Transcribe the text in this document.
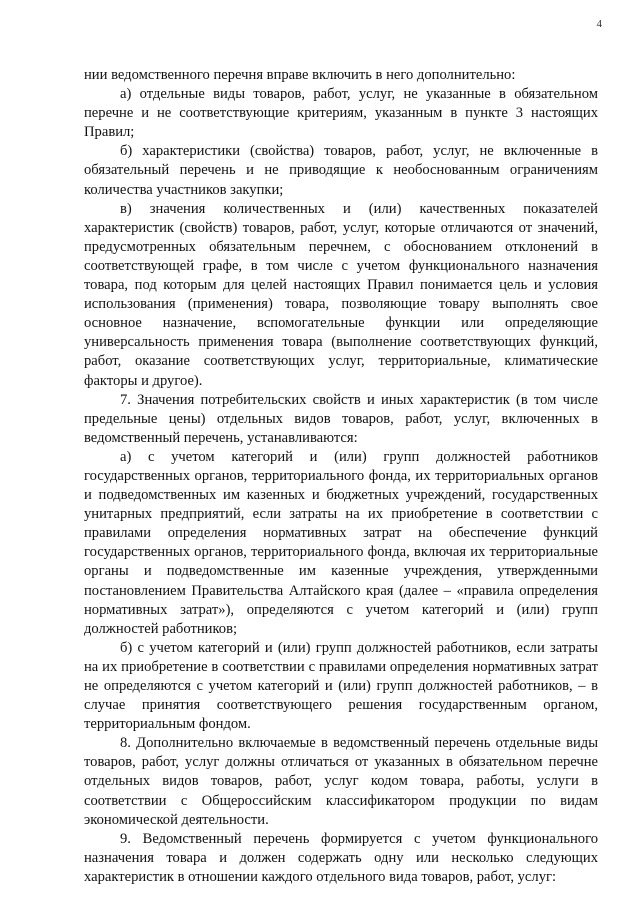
4

нии ведомственного перечня вправе включить в него дополнительно:

а) отдельные виды товаров, работ, услуг, не указанные в обязательном перечне и не соответствующие критериям, указанным в пункте 3 настоящих Правил;

б) характеристики (свойства) товаров, работ, услуг, не включенные в обязательный перечень и не приводящие к необоснованным ограничениям количества участников закупки;

в) значения количественных и (или) качественных показателей характеристик (свойств) товаров, работ, услуг, которые отличаются от значений, предусмотренных обязательным перечнем, с обоснованием отклонений в соответствующей графе, в том числе с учетом функционального назначения товара, под которым для целей настоящих Правил понимается цель и условия использования (применения) товара, позволяющие товару выполнять свое основное назначение, вспомогательные функции или определяющие универсальность применения товара (выполнение соответствующих функций, работ, оказание соответствующих услуг, территориальные, климатические факторы и другое).

7. Значения потребительских свойств и иных характеристик (в том числе предельные цены) отдельных видов товаров, работ, услуг, включенных в ведомственный перечень, устанавливаются:

а) с учетом категорий и (или) групп должностей работников государственных органов, территориального фонда, их территориальных органов и подведомственных им казенных и бюджетных учреждений, государственных унитарных предприятий, если затраты на их приобретение в соответствии с правилами определения нормативных затрат на обеспечение функций государственных органов, территориального фонда, включая их территориальные органы и подведомственные им казенные учреждения, утвержденными постановлением Правительства Алтайского края (далее – «правила определения нормативных затрат»), определяются с учетом категорий и (или) групп должностей работников;

б) с учетом категорий и (или) групп должностей работников, если затраты на их приобретение в соответствии с правилами определения нормативных затрат не определяются с учетом категорий и (или) групп должностей работников, – в случае принятия соответствующего решения государственным органом, территориальным фондом.

8. Дополнительно включаемые в ведомственный перечень отдельные виды товаров, работ, услуг должны отличаться от указанных в обязательном перечне отдельных видов товаров, работ, услуг кодом товара, работы, услуги в соответствии с Общероссийским классификатором продукции по видам экономической деятельности.

9. Ведомственный перечень формируется с учетом функционального назначения товара и должен содержать одну или несколько следующих характеристик в отношении каждого отдельного вида товаров, работ, услуг:
